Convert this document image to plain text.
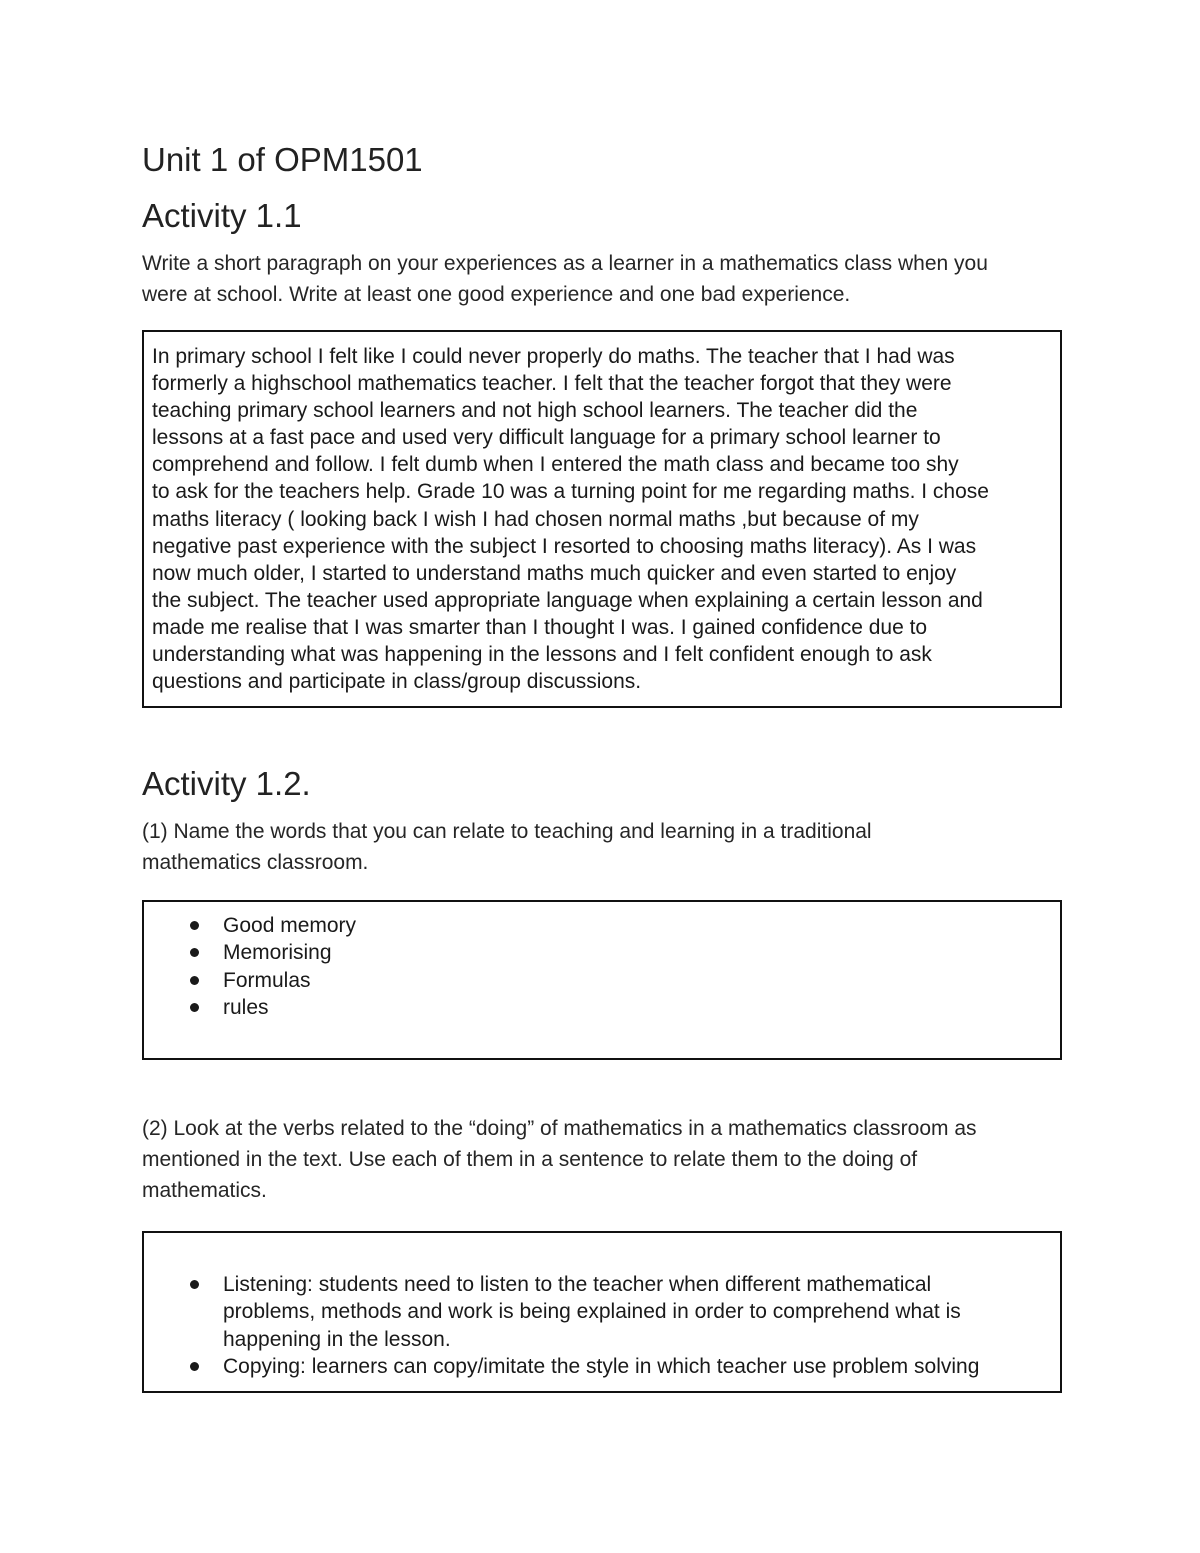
Unit 1 of OPM1501
Activity 1.1

Write a short paragraph on your experiences as a learner in a mathematics class when you

were at school. Write at least one good experience and one bad experience.

In primary school I felt like I could never properly do maths. The teacher that I had was
formerly a highschool mathematics teacher. I felt that the teacher forgot that they were
teaching primary school learners and not high school learners. The teacher did the
lessons at a fast pace and used very difficult language for a primary school learner to
comprehend and follow. I felt dumb when I entered the math class and became too shy
to ask for the teachers help. Grade 10 was a turning point for me regarding maths. I chose
maths literacy ( looking back I wish I had chosen normal maths ,but because of my
negative past experience with the subject I resorted to choosing maths literacy). As I was
now much older, I started to understand maths much quicker and even started to enjoy
the subject. The teacher used appropriate language when explaining a certain lesson and
made me realise that I was smarter than I thought I was. I gained confidence due to
understanding what was happening in the lessons and I felt confident enough to ask
questions and participate in class/group discussions.
Activity 1.2.

(1) Name the words that you can relate to teaching and learning in a traditional

mathematics classroom.

Good memory
Memorising
Formulas
rules

(2) Look at the verbs related to the “doing” of mathematics in a mathematics classroom as

mentioned in the text. Use each of them in a sentence to relate them to the doing of

mathematics.

Listening: students need to listen to the teacher when different mathematical
problems, methods and work is being explained in order to comprehend what is
happening in the lesson.
Copying: learners can copy/imitate the style in which teacher use problem solving
